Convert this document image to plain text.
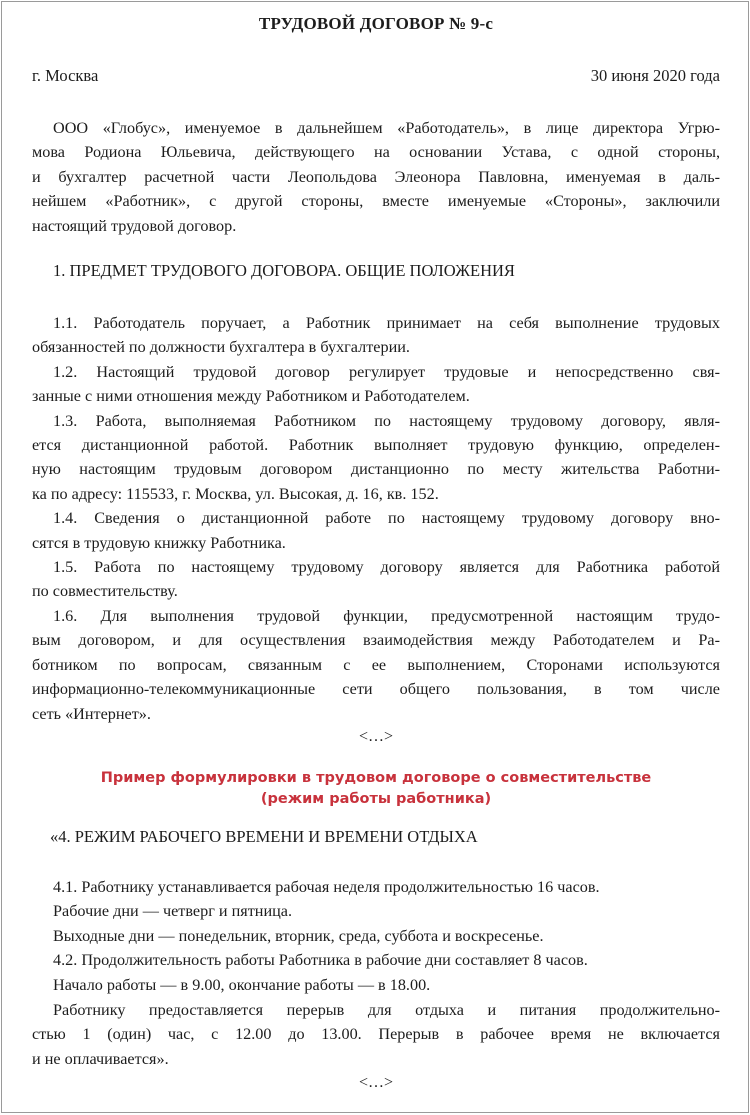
ТРУДОВОЙ ДОГОВОР № 9-с
г. Москва	30 июня 2020 года
ООО «Глобус», именуемое в дальнейшем «Работодатель», в лице директора Угрю-
мова Родиона Юльевича, действующего на основании Устава, с одной стороны,
и бухгалтер расчетной части Леопольдова Элеонора Павловна, именуемая в даль-
нейшем «Работник», с другой стороны, вместе именуемые «Стороны», заключили
настоящий трудовой договор.
1. ПРЕДМЕТ ТРУДОВОГО ДОГОВОРА. ОБЩИЕ ПОЛОЖЕНИЯ
1.1. Работодатель поручает, а Работник принимает на себя выполнение трудовых
обязанностей по должности бухгалтера в бухгалтерии.
1.2. Настоящий трудовой договор регулирует трудовые и непосредственно свя-
занные с ними отношения между Работником и Работодателем.
1.3. Работа, выполняемая Работником по настоящему трудовому договору, явля-
ется дистанционной работой. Работник выполняет трудовую функцию, определен-
ную настоящим трудовым договором дистанционно по месту жительства Работни-
ка по адресу: 115533, г. Москва, ул. Высокая, д. 16, кв. 152.
1.4. Сведения о дистанционной работе по настоящему трудовому договору вно-
сятся в трудовую книжку Работника.
1.5. Работа по настоящему трудовому договору является для Работника работой
по совместительству.
1.6. Для выполнения трудовой функции, предусмотренной настоящим трудо-
вым договором, и для осуществления взаимодействия между Работодателем и Ра-
ботником по вопросам, связанным с ее выполнением, Сторонами используются
информационно-телекоммуникационные сети общего пользования, в том числе
сеть «Интернет».
<…>
Пример формулировки в трудовом договоре о совместительстве
(режим работы работника)
«4. РЕЖИМ РАБОЧЕГО ВРЕМЕНИ И ВРЕМЕНИ ОТДЫХА
4.1. Работнику устанавливается рабочая неделя продолжительностью 16 часов.
Рабочие дни — четверг и пятница.
Выходные дни — понедельник, вторник, среда, суббота и воскресенье.
4.2. Продолжительность работы Работника в рабочие дни составляет 8 часов.
Начало работы — в 9.00, окончание работы — в 18.00.
Работнику предоставляется перерыв для отдыха и питания продолжительно-
стью 1 (один) час, с 12.00 до 13.00. Перерыв в рабочее время не включается
и не оплачивается».
<…>
